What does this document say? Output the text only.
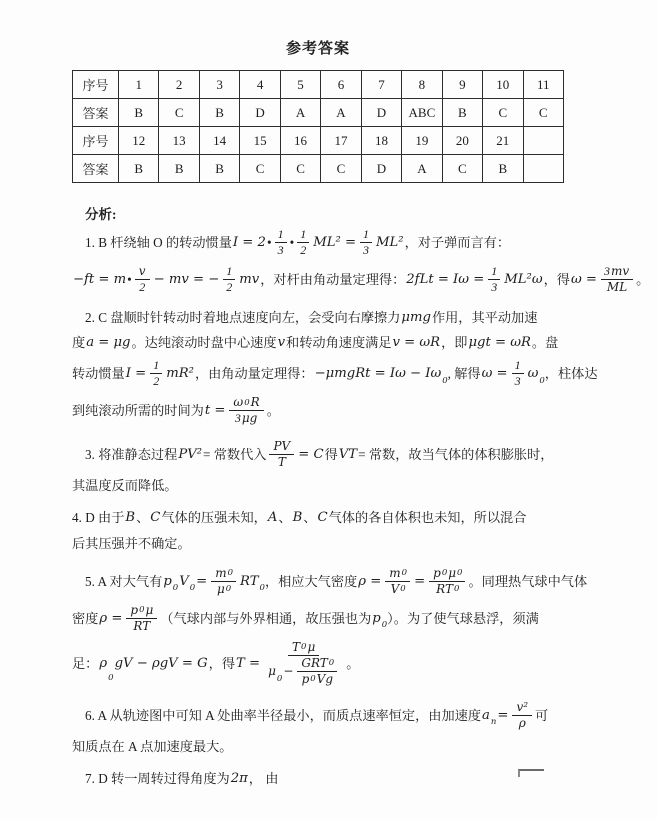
参考答案
序号	1	2	3	4	5	6	7	8	9	10	11
答案	B	C	B	D	A	A	D	ABC	B	C	C
序号	12	13	14	15	16	17	18	19	20	21	
答案	B	B	B	C	C	C	D	A	C	B	
分析:
1. B 杆绕轴 O 的转动惯量 I = 2 • $\frac{1}{3}$ • $\frac{1}{2} ML^2 = \frac{1}{3} ML^2$ ，对子弹而言有：
−ft = m • $\frac{v}{2}$ − mv = − $\frac{1}{2}$ mv ，对杆由角动量定理得： $2fLt = I\omega = \frac{1}{3} ML^2\omega$ ，得 $\omega = \frac{3 mv}{ML}$ 。
2. C 盘顺时针转动时着地点速度向左，会受向右摩擦力 μmg 作用，其平动加速
度 a = μg 。达纯滚动时盘中心速度 v 和转动角速度满足 v = ωR ，即 μgt = ωR 。盘
转动惯量 $I = \frac{1}{2} mR^2$ ，由角动量定理得： −μmgRt = Iω − Iω 0 , 解得 $\omega = \frac{1}{3}$ ω 0 ，柱体达
到纯滚动所需的时间为 $t = \frac{\omega 0 R}{3 \mu g}$ 。
3. 将准静态过程 PV² = 常数代入 $\frac{PV}{T} = C$ 得 VT = 常数，故当气体的体积膨胀时，
其温度反而降低。
4. D 由于 B 、 C 气体的压强未知， A 、 B 、 C 气体的各自体积也未知，所以混合
后其压强并不确定。
5. A 对大气有 p 0 V $0 = \frac{m 0}{\mu 0}$ RT 0 ，相应大气密度 $\rho = \frac{m 0}{V 0} = \frac{p 0 \mu 0}{RT 0}$ 。同理热气球中气体
密度 $\rho = \frac{p 0 \mu}{RT}$ （气球内部与外界相通，故压强也为 p 0 ）。为了使气球悬浮，须满
足： ρ
0
gV − ρgV = G ，得 T = T 0 μ
μ
0
− $\frac{\text{GRT 0}}{p 0 Vg}$ 。
6. A 从轨迹图中可知 A 处曲率半径最小，而质点速率恒定，由加速度 a $n = \frac{\text{v²}}{\rho}$ 可
知质点在 A 点加速度最大。
7. D 转一周转过得角度为 2π ， 由
